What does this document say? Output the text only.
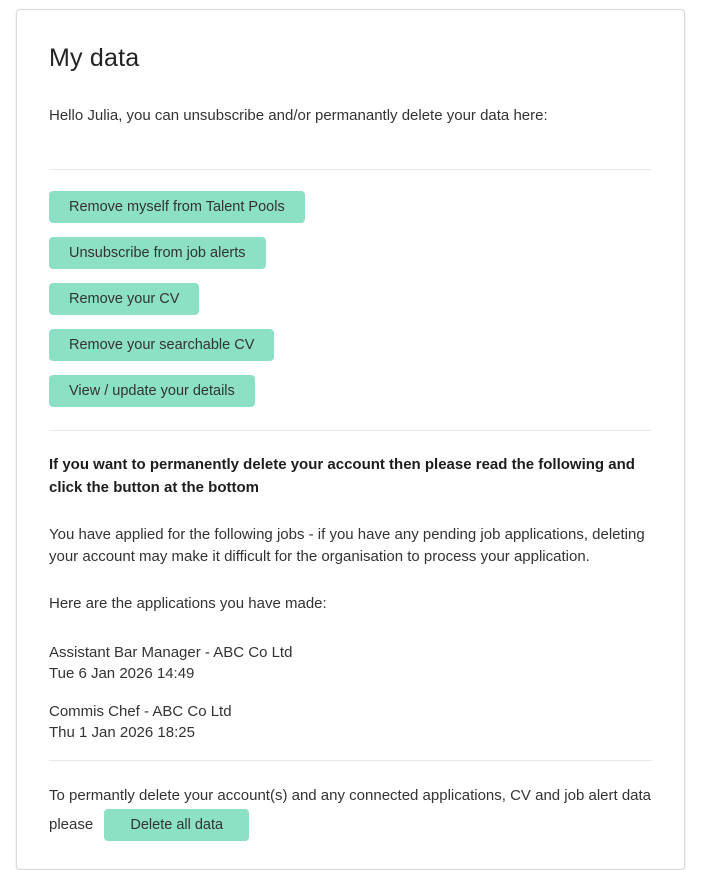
My data

Hello Julia, you can unsubscribe and/or permanantly delete your data here:

Remove myself from Talent Pools
Unsubscribe from job alerts
Remove your CV
Remove your searchable CV
View / update your details

If you want to permanently delete your account then please read the following and click the button at the bottom

You have applied for the following jobs - if you have any pending job applications, deleting your account may make it difficult for the organisation to process your application.

Here are the applications you have made:

Assistant Bar Manager - ABC Co Ltd
Tue 6 Jan 2026 14:49
Commis Chef - ABC Co Ltd
Thu 1 Jan 2026 18:25

To permantly delete your account(s) and any connected applications, CV and job alert data please	Delete all data
